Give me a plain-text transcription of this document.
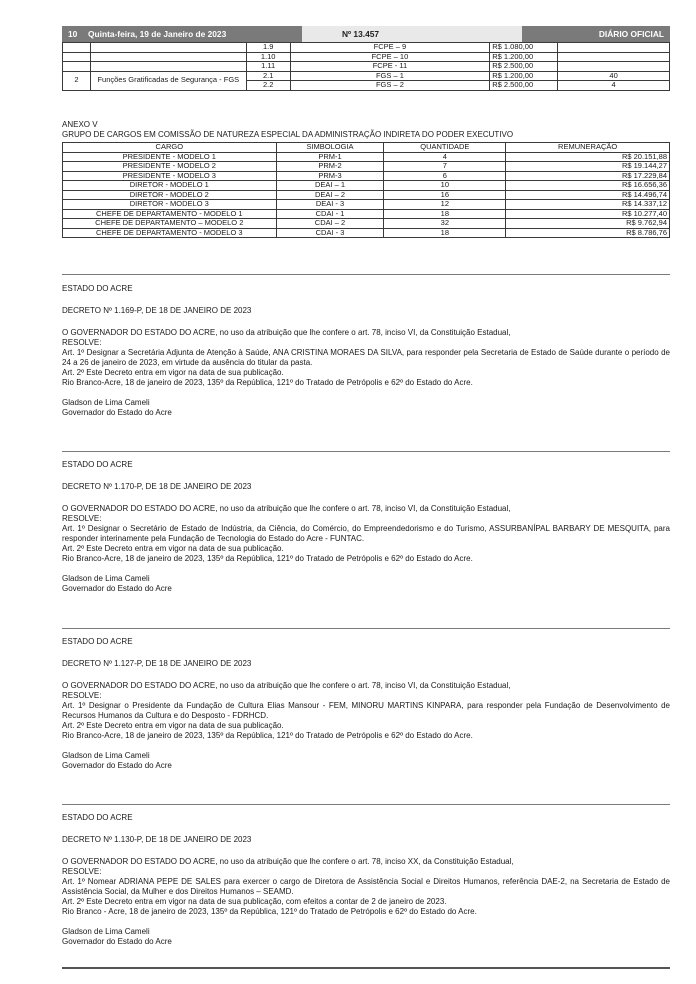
10 Quinta-feira, 19 de Janeiro de 2023	Nº 13.457	DIÁRIO OFICIAL
		1.9	FCPE – 9	R$ 1.080,00	
		1.10	FCPE – 10	R$ 1.200,00	
		1.11	FCPE - 11	R$ 2.500,00	
2	Funções Gratificadas de Segurança - FGS	2.1	FGS – 1	R$ 1.200,00	40
		2.2	FGS – 2	R$ 2.500,00	4
ANEXO V
GRUPO DE CARGOS EM COMISSÃO DE NATUREZA ESPECIAL DA ADMINISTRAÇÃO INDIRETA DO PODER EXECUTIVO
CARGO	SIMBOLOGIA	QUANTIDADE	REMUNERAÇÃO
PRESIDENTE - MODELO 1	PRM-1	4	R$ 20.151,88
PRESIDENTE - MODELO 2	PRM-2	7	R$ 19.144,27
PRESIDENTE - MODELO 3	PRM-3	6	R$ 17.229,84
DIRETOR - MODELO 1	DEAI – 1	10	R$ 16.656,36
DIRETOR - MODELO 2	DEAI – 2	16	R$ 14.496,74
DIRETOR - MODELO 3	DEAI - 3	12	R$ 14.337,12
CHEFE DE DEPARTAMENTO - MODELO 1	CDAI - 1	18	R$ 10.277,40
CHEFE DE DEPARTAMENTO – MODELO 2	CDAI – 2	32	R$ 9.762,94
CHEFE DE DEPARTAMENTO - MODELO 3	CDAI - 3	18	R$ 8.786,76

ESTADO DO ACRE

DECRETO Nº 1.169-P, DE 18 DE JANEIRO DE 2023

O GOVERNADOR DO ESTADO DO ACRE, no uso da atribuição que lhe confere o art. 78, inciso VI, da Constituição Estadual,

RESOLVE:

Art. 1º Designar a Secretária Adjunta de Atenção à Saúde, ANA CRISTINA MORAES DA SILVA, para responder pela Secretaria de Estado de Saúde durante o período de 24 a 26 de janeiro de 2023, em virtude da ausência do titular da pasta.

Art. 2º Este Decreto entra em vigor na data de sua publicação.

Rio Branco-Acre, 18 de janeiro de 2023, 135º da República, 121º do Tratado de Petrópolis e 62º do Estado do Acre.

Gladson de Lima Cameli

Governador do Estado do Acre

ESTADO DO ACRE

DECRETO Nº 1.170-P, DE 18 DE JANEIRO DE 2023

O GOVERNADOR DO ESTADO DO ACRE, no uso da atribuição que lhe confere o art. 78, inciso VI, da Constituição Estadual,

RESOLVE:

Art. 1º Designar o Secretário de Estado de Indústria, da Ciência, do Comércio, do Empreendedorismo e do Turismo, ASSURBANÍPAL BARBARY DE MESQUITA, para responder interinamente pela Fundação de Tecnologia do Estado do Acre - FUNTAC.

Art. 2º Este Decreto entra em vigor na data de sua publicação.

Rio Branco-Acre, 18 de janeiro de 2023, 135º da República, 121º do Tratado de Petrópolis e 62º do Estado do Acre.

Gladson de Lima Cameli

Governador do Estado do Acre

ESTADO DO ACRE

DECRETO Nº 1.127-P, DE 18 DE JANEIRO DE 2023

O GOVERNADOR DO ESTADO DO ACRE, no uso da atribuição que lhe confere o art. 78, inciso VI, da Constituição Estadual,

RESOLVE:

Art. 1º Designar o Presidente da Fundação de Cultura Elias Mansour - FEM, MINORU MARTINS KINPARA, para responder pela Fundação de Desenvolvimento de Recursos Humanos da Cultura e do Desposto - FDRHCD.

Art. 2º Este Decreto entra em vigor na data de sua publicação.

Rio Branco-Acre, 18 de janeiro de 2023, 135º da República, 121º do Tratado de Petrópolis e 62º do Estado do Acre.

Gladson de Lima Cameli

Governador do Estado do Acre

ESTADO DO ACRE

DECRETO Nº 1.130-P, DE 18 DE JANEIRO DE 2023

O GOVERNADOR DO ESTADO DO ACRE, no uso da atribuição que lhe confere o art. 78, inciso XX, da Constituição Estadual,

RESOLVE:

Art. 1º Nomear ADRIANA PEPE DE SALES para exercer o cargo de Diretora de Assistência Social e Direitos Humanos, referência DAE-2, na Secretaria de Estado de Assistência Social, da Mulher e dos Direitos Humanos – SEAMD.

Art. 2º Este Decreto entra em vigor na data de sua publicação, com efeitos a contar de 2 de janeiro de 2023.

Rio Branco - Acre, 18 de janeiro de 2023, 135º da República, 121º do Tratado de Petrópolis e 62º do Estado do Acre.

Gladson de Lima Cameli

Governador do Estado do Acre
